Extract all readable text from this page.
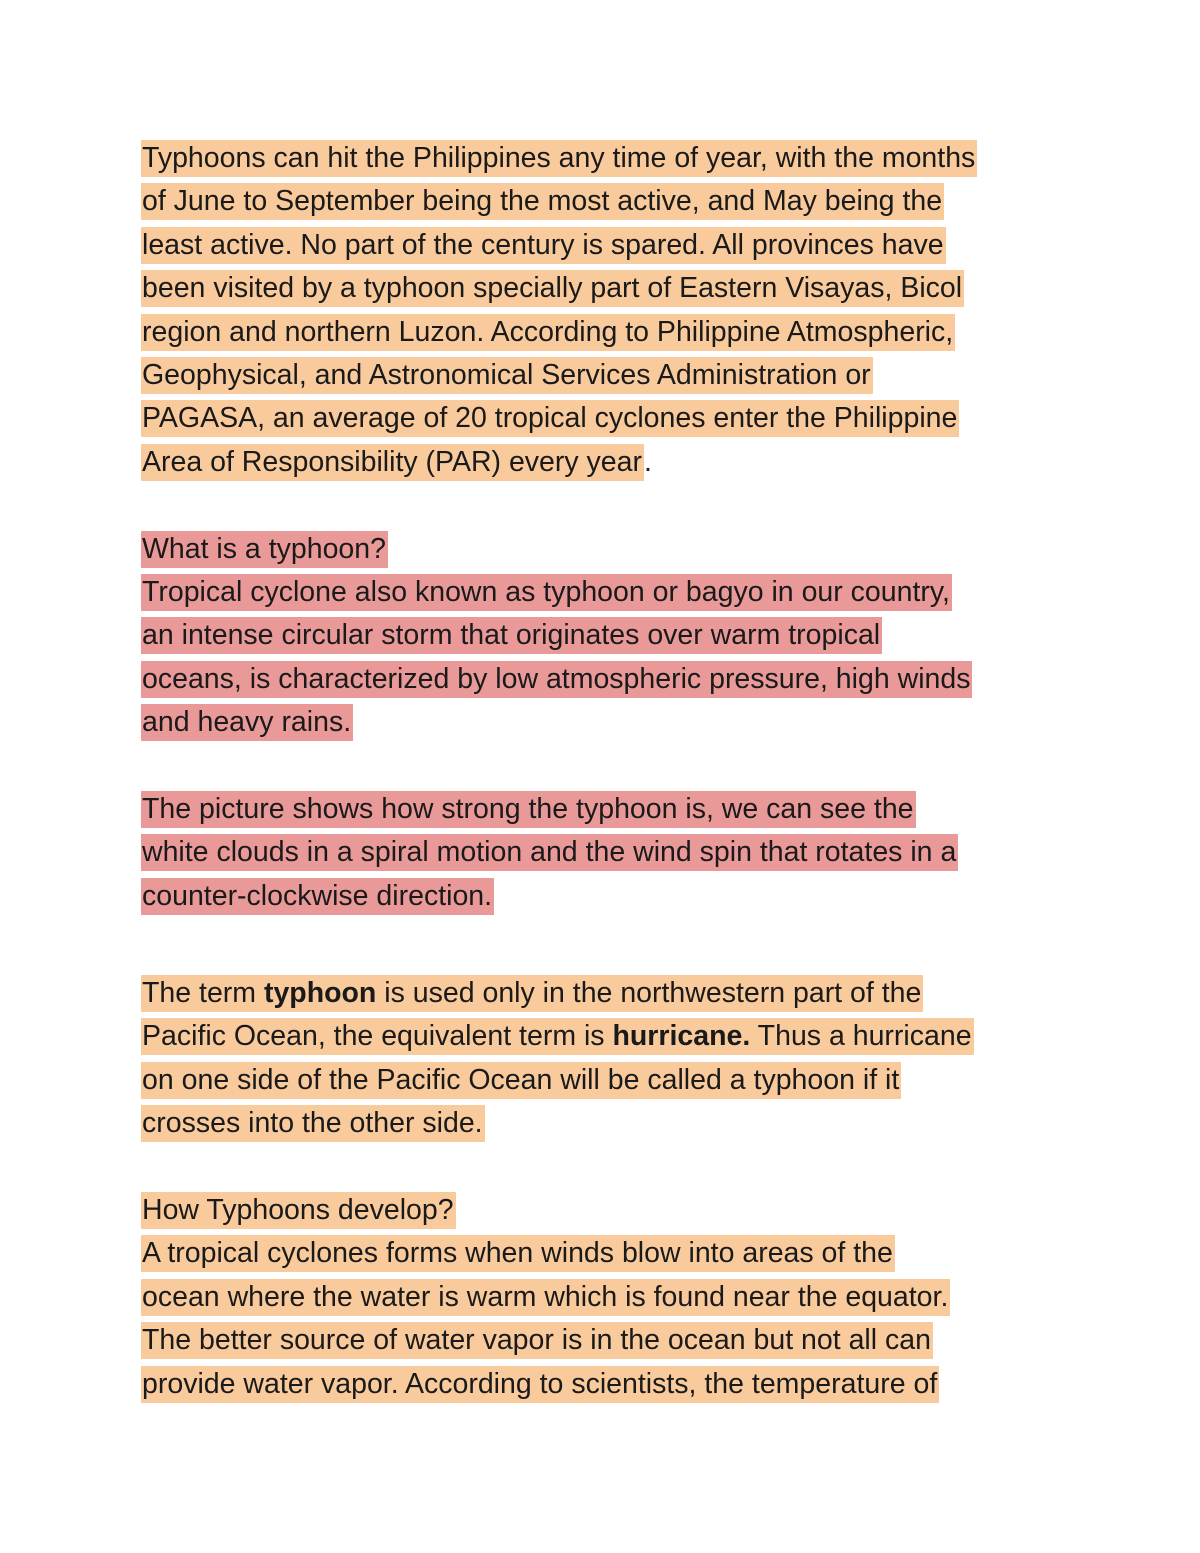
Typhoons can hit the Philippines any time of year, with the months
of June to September being the most active, and May being the
least active. No part of the century is spared. All provinces have
been visited by a typhoon specially part of Eastern Visayas, Bicol
region and northern Luzon. According to Philippine Atmospheric,
Geophysical, and Astronomical Services Administration or
PAGASA, an average of 20 tropical cyclones enter the Philippine
Area of Responsibility (PAR) every year.
What is a typhoon?
Tropical cyclone also known as typhoon or bagyo in our country,
an intense circular storm that originates over warm tropical
oceans, is characterized by low atmospheric pressure, high winds
and heavy rains.
The picture shows how strong the typhoon is, we can see the
white clouds in a spiral motion and the wind spin that rotates in a
counter-clockwise direction.
The term typhoon is used only in the northwestern part of the
Pacific Ocean, the equivalent term is hurricane. Thus a hurricane
on one side of the Pacific Ocean will be called a typhoon if it
crosses into the other side.
How Typhoons develop?
A tropical cyclones forms when winds blow into areas of the
ocean where the water is warm which is found near the equator.
The better source of water vapor is in the ocean but not all can
provide water vapor. According to scientists, the temperature of
